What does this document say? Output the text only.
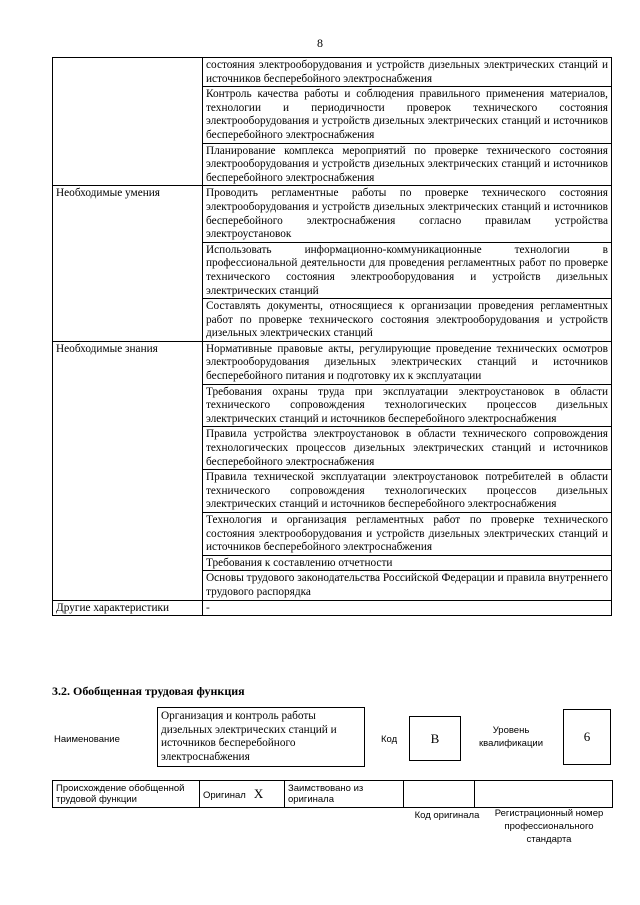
8
	состояния электрооборудования и устройств дизельных электрических станций и источников бесперебойного электроснабжения
	Контроль качества работы и соблюдения правильного применения материалов, технологии и периодичности проверок технического состояния электрооборудования и устройств дизельных электрических станций и источников бесперебойного электроснабжения
	Планирование комплекса мероприятий по проверке технического состояния электрооборудования и устройств дизельных электрических станций и источников бесперебойного электроснабжения
Необходимые умения	Проводить регламентные работы по проверке технического состояния электрооборудования и устройств дизельных электрических станций и источников бесперебойного электроснабжения согласно правилам устройства электроустановок
	Использовать информационно-коммуникационные технологии в профессиональной деятельности для проведения регламентных работ по проверке технического состояния электрооборудования и устройств дизельных электрических станций
	Составлять документы, относящиеся к организации проведения регламентных работ по проверке технического состояния электрооборудования и устройств дизельных электрических станций
Необходимые знания	Нормативные правовые акты, регулирующие проведение технических осмотров электрооборудования дизельных электрических станций и источников бесперебойного питания и подготовку их к эксплуатации
	Требования охраны труда при эксплуатации электроустановок в области технического сопровождения технологических процессов дизельных электрических станций и источников бесперебойного электроснабжения
	Правила устройства электроустановок в области технического сопровождения технологических процессов дизельных электрических станций и источников бесперебойного электроснабжения
	Правила технической эксплуатации электроустановок потребителей в области технического сопровождения технологических процессов дизельных электрических станций и источников бесперебойного электроснабжения
	Технология и организация регламентных работ по проверке технического состояния электрооборудования и устройств дизельных электрических станций и источников бесперебойного электроснабжения
	Требования к составлению отчетности
	Основы трудового законодательства Российской Федерации и правила внутреннего трудового распорядка
Другие характеристики	-
3.2. Обобщенная трудовая функция
Наименование
Организация и контроль работы дизельных электрических станций и источников бесперебойного электроснабжения
Код	B	Уровень квалификации	6
Происхождение обобщенной трудовой функции	Оригинал X	Заимствовано из оригинала		
Код оригинала	Регистрационный номер профессионального стандарта
